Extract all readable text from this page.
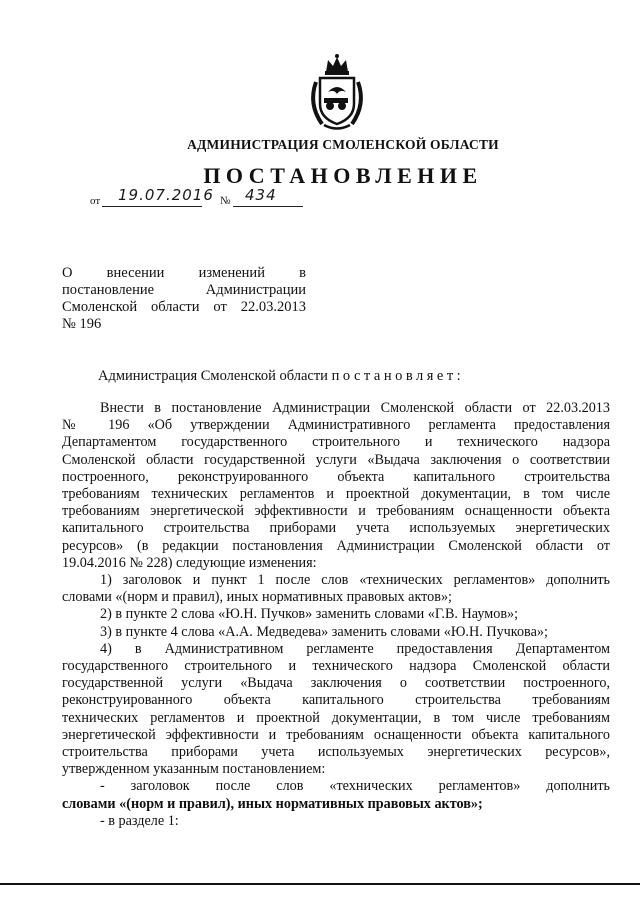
АДМИНИСТРАЦИЯ СМОЛЕНСКОЙ ОБЛАСТИ
ПОСТАНОВЛЕНИЕ
от 19.07.2016 № 434
О внесении изменений в
постановление Администрации
Смоленской области от 22.03.2013
№ 196
Администрация Смоленской области постановляет:
Внести в постановление Администрации Смоленской области от 22.03.2013
№ 196 «Об утверждении Административного регламента предоставления
Департаментом государственного строительного и технического надзора
Смоленской области государственной услуги «Выдача заключения о соответствии
построенного, реконструированного объекта капитального строительства
требованиям технических регламентов и проектной документации, в том числе
требованиям энергетической эффективности и требованиям оснащенности объекта
капитального строительства приборами учета используемых энергетических
ресурсов» (в редакции постановления Администрации Смоленской области от
19.04.2016 № 228) следующие изменения:
1) заголовок и пункт 1 после слов «технических регламентов» дополнить
словами «(норм и правил), иных нормативных правовых актов»;
2) в пункте 2 слова «Ю.Н. Пучков» заменить словами «Г.В. Наумов»;
3) в пункте 4 слова «А.А. Медведева» заменить словами «Ю.Н. Пучкова»;
4) в Административном регламенте предоставления Департаментом
государственного строительного и технического надзора Смоленской области
государственной услуги «Выдача заключения о соответствии построенного,
реконструированного объекта капитального строительства требованиям
технических регламентов и проектной документации, в том числе требованиям
энергетической эффективности и требованиям оснащенности объекта капитального
строительства приборами учета используемых энергетических ресурсов»,
утвержденном указанным постановлением:
- заголовок после слов «технических регламентов» дополнить
словами «(норм и правил), иных нормативных правовых актов»;
- в разделе 1:
